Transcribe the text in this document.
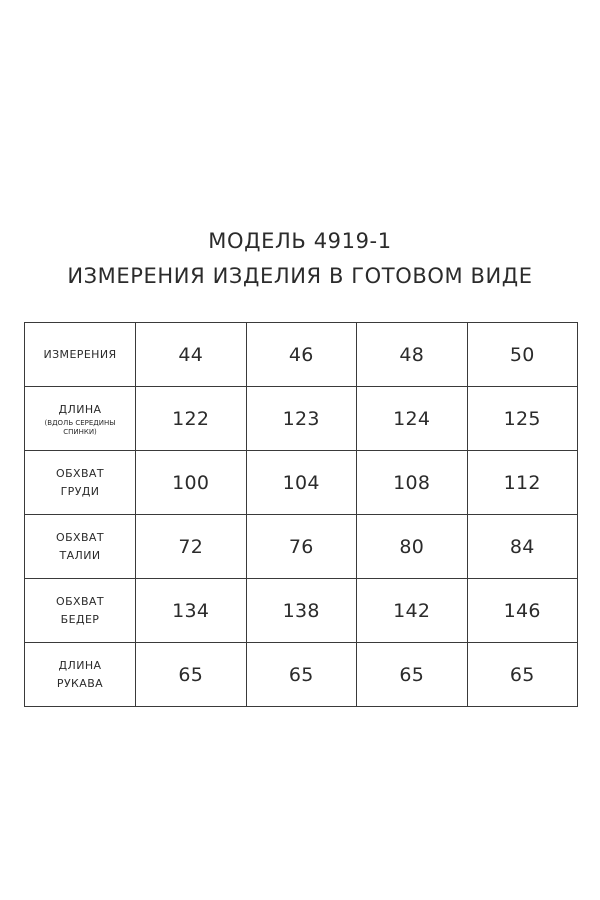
МОДЕЛЬ 4919-1
ИЗМЕРЕНИЯ ИЗДЕЛИЯ В ГОТОВОМ ВИДЕ
ИЗМЕРЕНИЯ	44	46	48	50

ДЛИНА
(ВДОЛЬ СЕРЕДИНЫ
СПИНКИ)	122	123	124	125

ОБХВАТ
ГРУДИ	100	104	108	112

ОБХВАТ
ТАЛИИ	72	76	80	84

ОБХВАТ
БЕДЕР	134	138	142	146

ДЛИНА
РУКАВА	65	65	65	65
